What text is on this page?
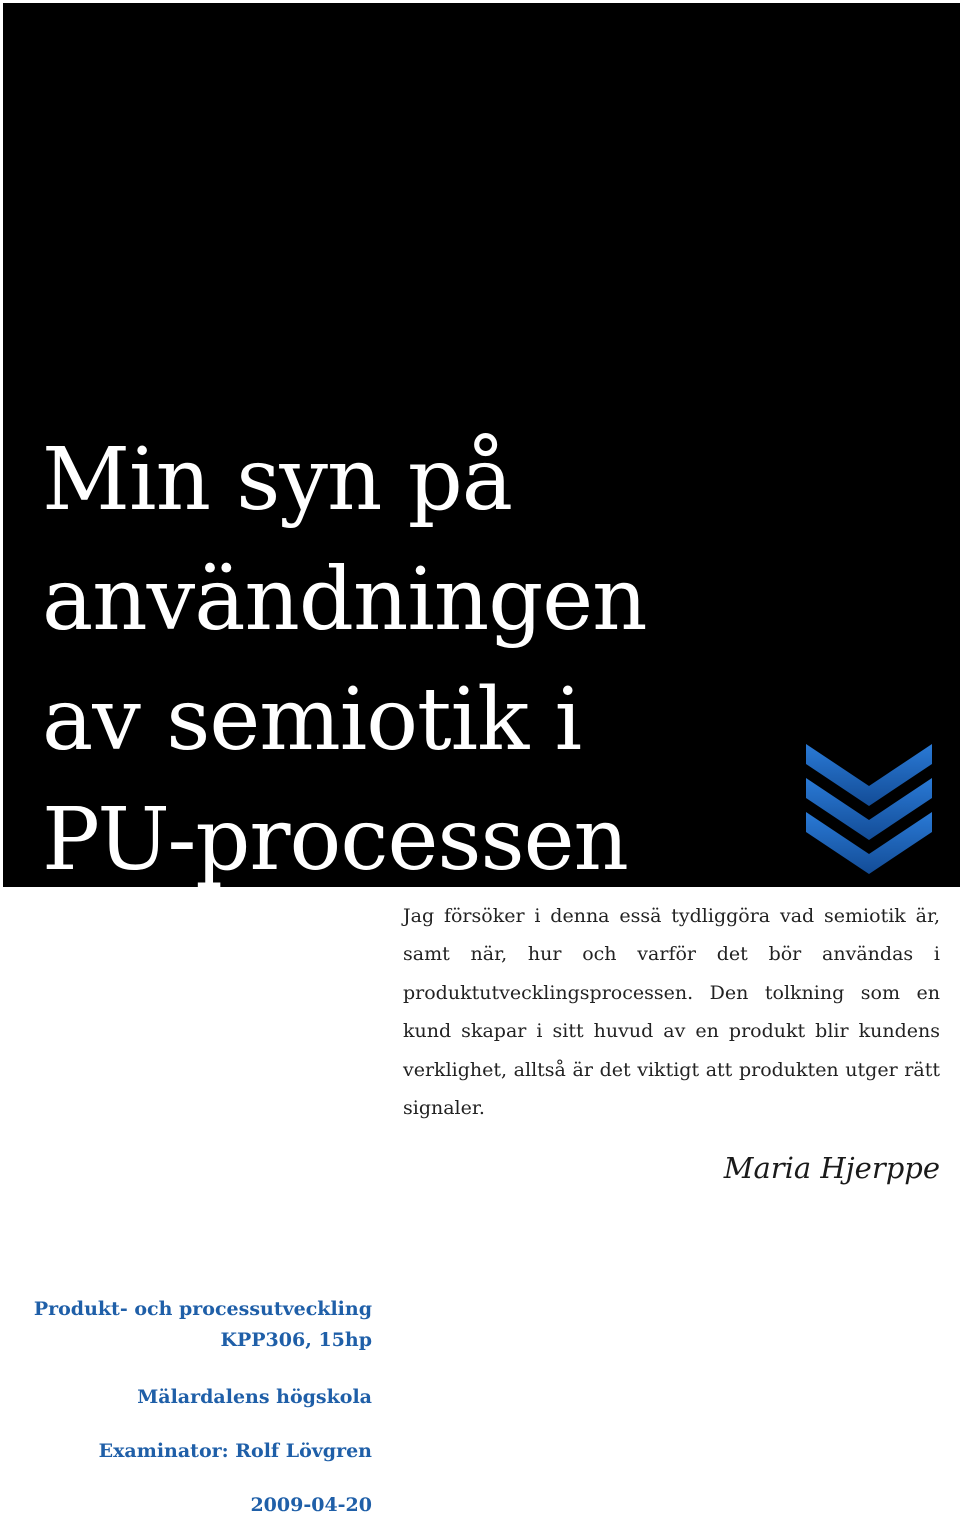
Min syn på
användningen
av semiotik i
PU-processen

Jag försöker i denna essä tydliggöra vad semiotik är, samt när, hur och varför det bör användas i produktutvecklingsprocessen. Den tolkning som en kund skapar i sitt huvud av en produkt blir kundens verklighet, alltså är det viktigt att produkten utger rätt signaler.

Maria Hjerppe

Produkt- och processutveckling

KPP306, 15hp

Mälardalens högskola

Examinator: Rolf Lövgren

2009-04-20
